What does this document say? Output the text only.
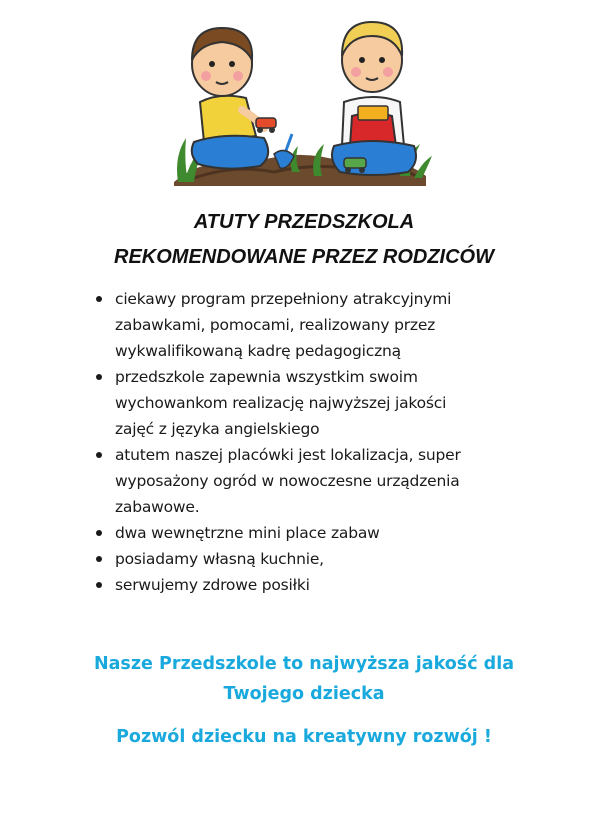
ATUTY PRZEDSZKOLA
REKOMENDOWANE PRZEZ RODZICÓW
ciekawy program przepełniony atrakcyjnymi
zabawkami, pomocami, realizowany przez
wykwalifikowaną kadrę pedagogiczną
przedszkole zapewnia wszystkim swoim
wychowankom realizację najwyższej jakości
zajęć z języka angielskiego
atutem naszej placówki jest lokalizacja, super
wyposażony ogród w nowoczesne urządzenia
zabawowe.
dwa wewnętrzne mini place zabaw
posiadamy własną kuchnie,
serwujemy zdrowe posiłki

Nasze Przedszkole to najwyższa jakość dla

Twojego dziecka

Pozwól dziecku na kreatywny rozwój !
